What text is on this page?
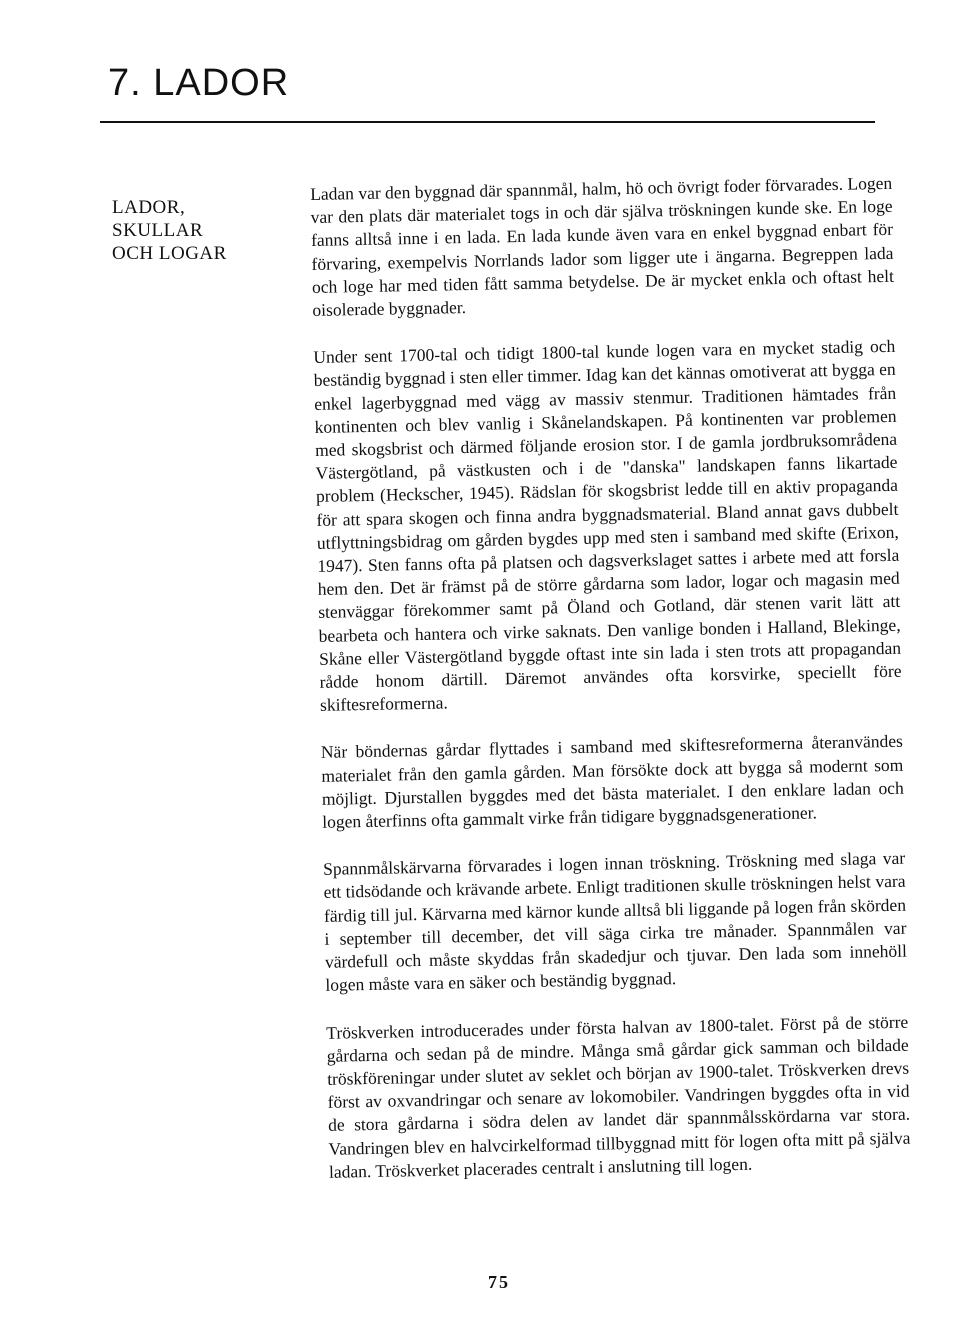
7. LADOR
LADOR,
SKULLAR
OCH LOGAR

Ladan var den byggnad där spannmål, halm, hö och övrigt foder förvarades. Logen var den plats där materialet togs in och där själva tröskningen kunde ske. En loge fanns alltså inne i en lada. En lada kunde även vara en enkel byggnad enbart för förvaring, exempelvis Norrlands lador som ligger ute i ängarna. Begreppen lada och loge har med tiden fått samma betydelse. De är mycket enkla och oftast helt oisolerade byggnader.

Under sent 1700-tal och tidigt 1800-tal kunde logen vara en mycket stadig och beständig byggnad i sten eller timmer. Idag kan det kännas omotiverat att bygga en enkel lagerbyggnad med vägg av massiv stenmur. Traditionen hämtades från kontinenten och blev vanlig i Skånelandskapen. På kontinenten var problemen med skogsbrist och därmed följande erosion stor. I de gamla jordbruksområdena Västergötland, på västkusten och i de "danska" landskapen fanns likartade problem (Heckscher, 1945). Rädslan för skogsbrist ledde till en aktiv propaganda för att spara skogen och finna andra byggnadsmaterial. Bland annat gavs dubbelt utflyttningsbidrag om gården bygdes upp med sten i samband med skifte (Erixon, 1947). Sten fanns ofta på platsen och dagsverkslaget sattes i arbete med att forsla hem den. Det är främst på de större gårdarna som lador, logar och magasin med stenväggar förekommer samt på Öland och Gotland, där stenen varit lätt att bearbeta och hantera och virke saknats. Den vanlige bonden i Halland, Blekinge, Skåne eller Västergötland byggde oftast inte sin lada i sten trots att propagandan rådde honom därtill. Däremot användes ofta korsvirke, speciellt före skiftesreformerna.

När böndernas gårdar flyttades i samband med skiftesreformerna återanvändes materialet från den gamla gården. Man försökte dock att bygga så modernt som möjligt. Djurstallen byggdes med det bästa materialet. I den enklare ladan och logen återfinns ofta gammalt virke från tidigare byggnadsgenerationer.

Spannmålskärvarna förvarades i logen innan tröskning. Tröskning med slaga var ett tidsödande och krävande arbete. Enligt traditionen skulle tröskningen helst vara färdig till jul. Kärvarna med kärnor kunde alltså bli liggande på logen från skörden i september till december, det vill säga cirka tre månader. Spannmålen var värdefull och måste skyddas från skadedjur och tjuvar. Den lada som innehöll logen måste vara en säker och beständig byggnad.

Tröskverken introducerades under första halvan av 1800-talet. Först på de större gårdarna och sedan på de mindre. Många små gårdar gick samman och bildade tröskföreningar under slutet av seklet och början av 1900-talet. Tröskverken drevs först av oxvandringar och senare av lokomobiler. Vandringen byggdes ofta in vid de stora gårdarna i södra delen av landet där spannmålsskördarna var stora. Vandringen blev en halvcirkelformad tillbyggnad mitt för logen ofta mitt på själva ladan. Tröskverket placerades centralt i anslutning till logen.

75
